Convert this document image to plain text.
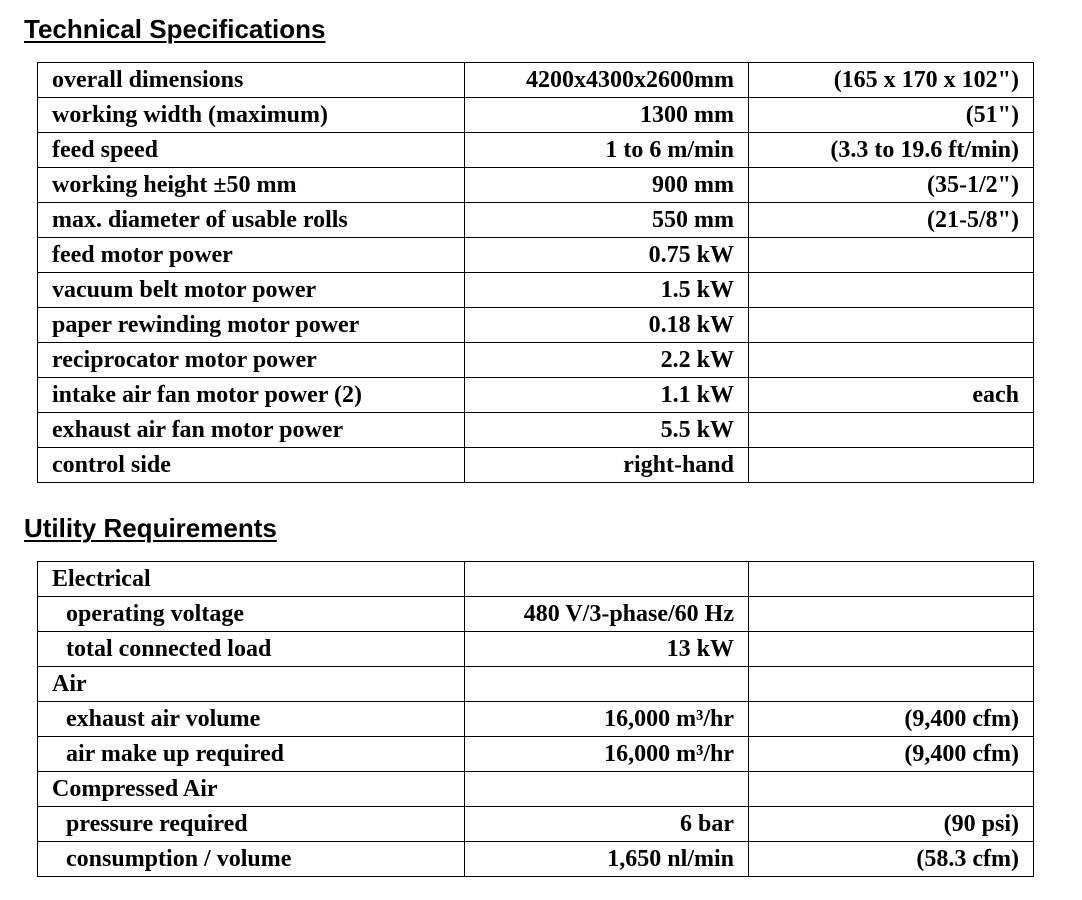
Technical Specifications
overall dimensions	4200x4300x2600mm	(165 x 170 x 102")
working width (maximum)	1300 mm	(51")
feed speed	1 to 6 m/min	(3.3 to 19.6 ft/min)
working height ±50 mm	900 mm	(35-1/2")
max. diameter of usable rolls	550 mm	(21-5/8")
feed motor power	0.75 kW	
vacuum belt motor power	1.5 kW	
paper rewinding motor power	0.18 kW	
reciprocator motor power	2.2 kW	
intake air fan motor power (2)	1.1 kW	each
exhaust air fan motor power	5.5 kW	
control side	right-hand	
Utility Requirements
Electrical		
operating voltage	480 V/3-phase/60 Hz	
total connected load	13 kW	
Air		
exhaust air volume	16,000 m³/hr	(9,400 cfm)
air make up required	16,000 m³/hr	(9,400 cfm)
Compressed Air		
pressure required	6 bar	(90 psi)
consumption / volume	1,650 nl/min	(58.3 cfm)
